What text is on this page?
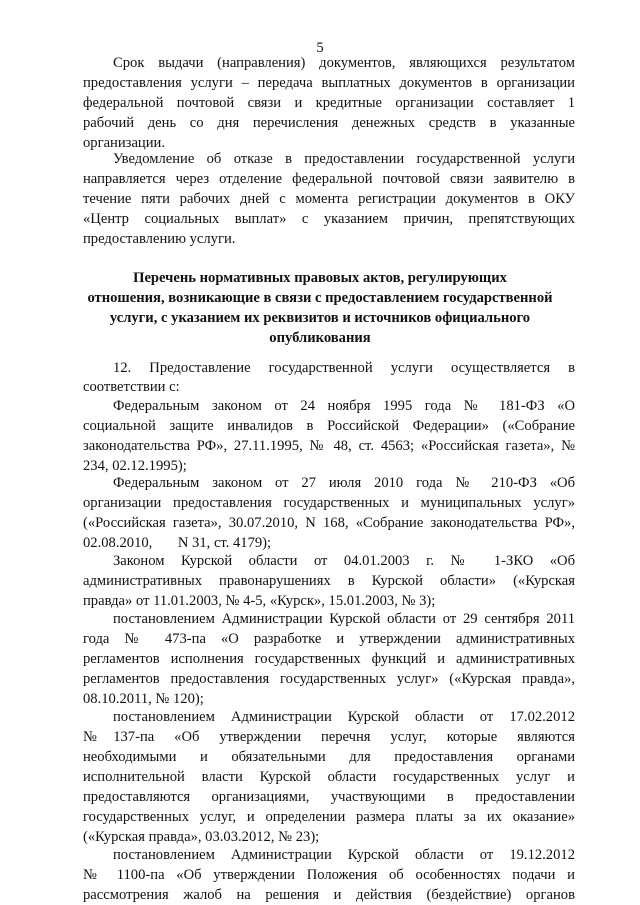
5
Срок выдачи (направления) документов, являющихся результатом
предоставления услуги – передача выплатных документов в организации
федеральной почтовой связи и кредитные организации составляет 1
рабочий день со дня перечисления денежных средств в указанные
организации.
Уведомление об отказе в предоставлении государственной услуги
направляется через отделение федеральной почтовой связи заявителю в
течение пяти рабочих дней с момента регистрации документов в ОКУ
«Центр социальных выплат» с указанием причин, препятствующих
предоставлению услуги.
Перечень нормативных правовых актов, регулирующих
отношения, возникающие в связи с предоставлением государственной
услуги, с указанием их реквизитов и источников официального
опубликования
12. Предоставление государственной услуги осуществляется в
соответствии с:
Федеральным законом от 24 ноября 1995 года № 181-ФЗ «О
социальной защите инвалидов в Российской Федерации» («Собрание
законодательства РФ», 27.11.1995, № 48, ст. 4563; «Российская газета», №
234, 02.12.1995);
Федеральным законом от 27 июля 2010 года № 210-ФЗ «Об
организации предоставления государственных и муниципальных услуг»
(«Российская газета», 30.07.2010, N 168, «Собрание законодательства РФ»,
02.08.2010,       N 31, ст. 4179);
Законом Курской области от 04.01.2003 г. № 1-ЗКО «Об
административных правонарушениях в Курской области» («Курская
правда» от 11.01.2003, № 4-5, «Курск», 15.01.2003, № 3);
постановлением Администрации Курской области от 29 сентября 2011
года № 473-па «О разработке и утверждении административных
регламентов исполнения государственных функций и административных
регламентов предоставления государственных услуг» («Курская правда»,
08.10.2011, № 120);
постановлением Администрации Курской области от 17.02.2012
№137-па «Об утверждении перечня услуг, которые являются
необходимыми и обязательными для предоставления органами
исполнительной власти Курской области государственных услуг и
предоставляются организациями, участвующими в предоставлении
государственных услуг, и определении размера платы за их оказание»
(«Курская правда», 03.03.2012, № 23);
постановлением Администрации Курской области от 19.12.2012
№ 1100-па «Об утверждении Положения об особенностях подачи и
рассмотрения жалоб на решения и действия (бездействие) органов
